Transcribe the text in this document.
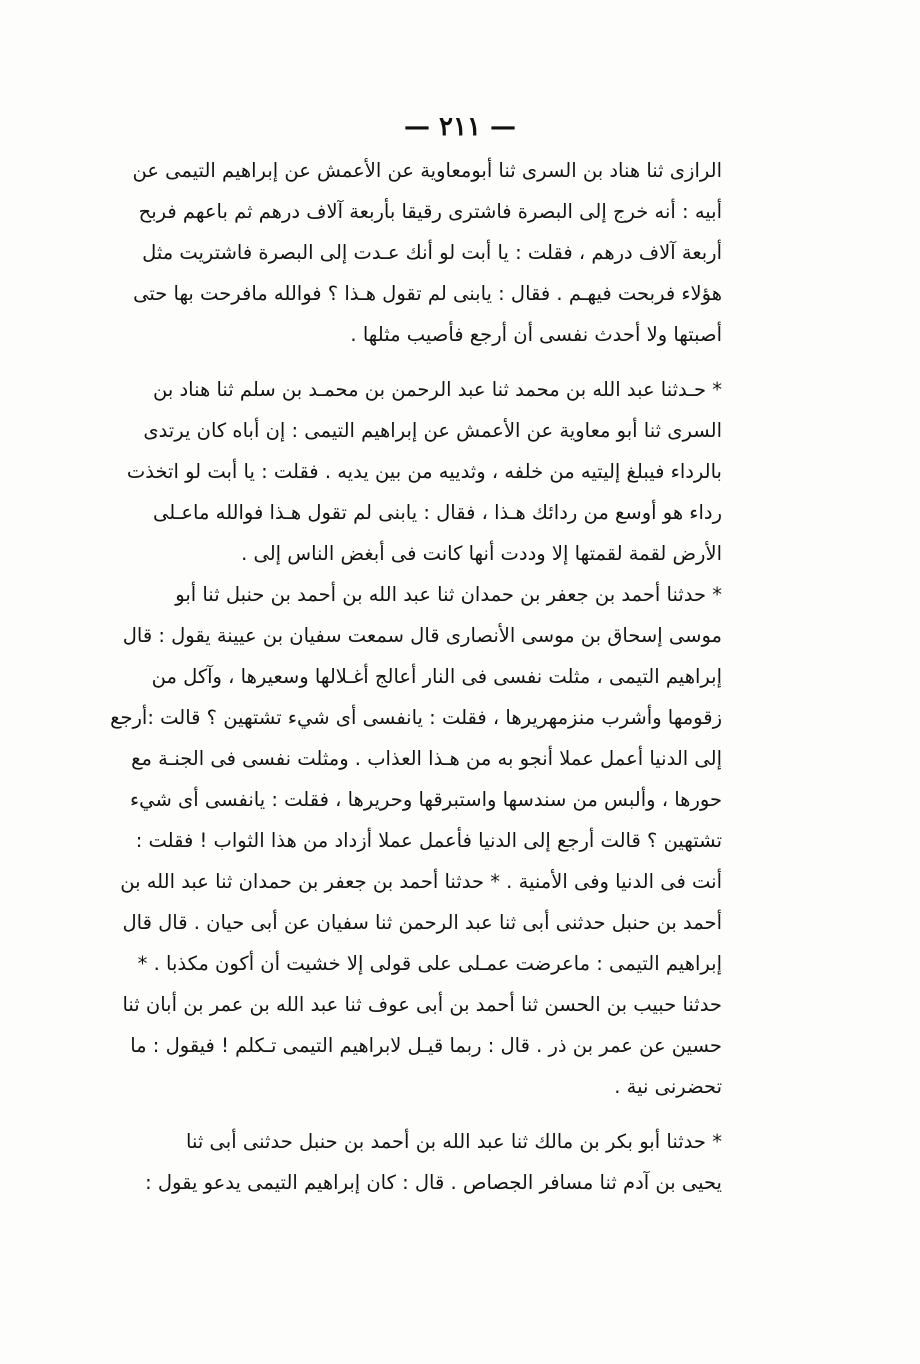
— ٢١١ —
الرازى ثنا هناد بن السرى ثنا أبومعاوية عن الأعمش عن إبراهيم التيمى عن
أبيه : أنه خرج إلى البصرة فاشترى رقيقا بأربعة آلاف درهم ثم باعهم فربح
أربعة آلاف درهم ، فقلت : يا أبت لو أنك عـدت إلى البصرة فاشتريت مثل
هؤلاء فربحت فيهـم . فقال : يابنى لم تقول هـذا ؟ فوالله مافرحت بها حتى
أصبتها ولا أحدث نفسى أن أرجع فأصيب مثلها .
* حـدثنا عبد الله بن محمد ثنا عبد الرحمن بن محمـد بن سلم ثنا هناد بن
السرى ثنا أبو معاوية عن الأعمش عن إبراهيم التيمى : إن أباه كان يرتدى
بالرداء فيبلغ إليتيه من خلفه ، وثدييه من بين يديه . فقلت : يا أبت لو اتخذت
رداء هو أوسع من ردائك هـذا ، فقال : يابنى لم تقول هـذا فوالله ماعـلى
الأرض لقمة لقمتها إلا وددت أنها كانت فى أبغض الناس إلى .
* حدثنا أحمد بن جعفر بن حمدان ثنا عبد الله بن أحمد بن حنبل ثنا أبو
موسى إسحاق بن موسى الأنصارى قال سمعت سفيان بن عيينة يقول : قال
إبراهيم التيمى ، مثلت نفسى فى النار أعالج أغـلالها وسعيرها ، وآكل من
زقومها وأشرب منزمهريرها ، فقلت : يانفسى أى شيء تشتهين ؟ قالت :أرجع
إلى الدنيا أعمل عملا أنجو به من هـذا العذاب . ومثلت نفسى فى الجنـة مع
حورها ، وألبس من سندسها واستبرقها وحريرها ، فقلت : يانفسى أى شيء
تشتهين ؟ قالت أرجع إلى الدنيا فأعمل عملا أزداد من هذا الثواب ! فقلت :
أنت فى الدنيا وفى الأمنية . * حدثنا أحمد بن جعفر بن حمدان ثنا عبد الله بن
أحمد بن حنبل حدثنى أبى ثنا عبد الرحمن ثنا سفيان عن أبى حيان . قال قال
إبراهيم التيمى : ماعرضت عمـلى على قولى إلا خشيت أن أكون مكذبا . *
حدثنا حبيب بن الحسن ثنا أحمد بن أبى عوف ثنا عبد الله بن عمر بن أبان ثنا
حسين عن عمر بن ذر . قال : ربما قيـل لابراهيم التيمى تـكلم ! فيقول : ما
تحضرنى نية .
* حدثنا أبو بكر بن مالك ثنا عبد الله بن أحمد بن حنبل حدثنى أبى ثنا
يحيى بن آدم ثنا مسافر الجصاص . قال : كان إبراهيم التيمى يدعو يقول :
